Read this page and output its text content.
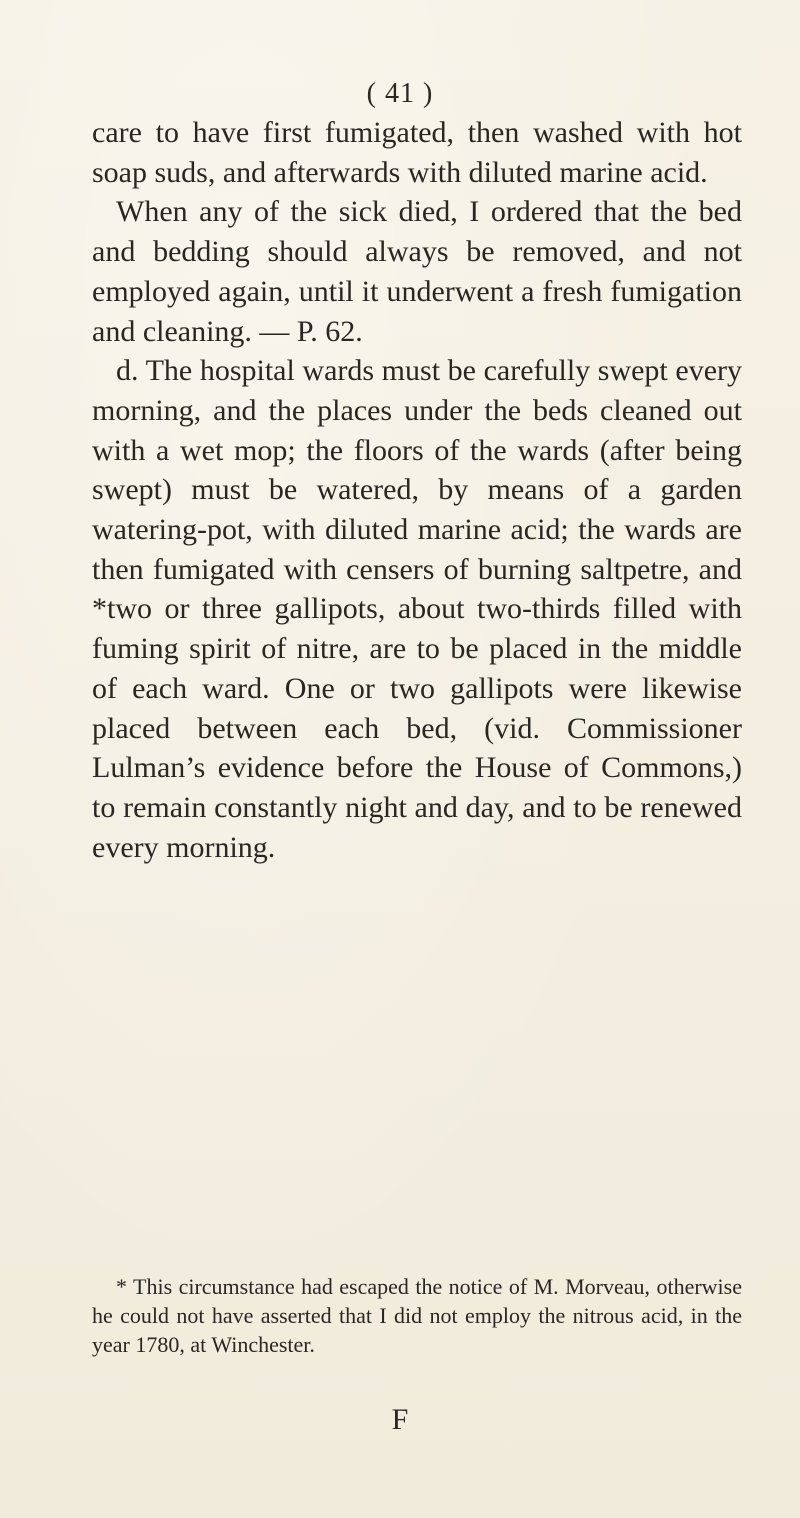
( 41 )

care to have first fumigated, then washed with hot soap suds, and afterwards with diluted marine acid.

When any of the sick died, I ordered that the bed and bedding should always be removed, and not employed again, until it underwent a fresh fumigation and cleaning. — P. 62.

d. The hospital wards must be carefully swept every morning, and the places under the beds cleaned out with a wet mop; the floors of the wards (after being swept) must be watered, by means of a garden watering-pot, with diluted marine acid; the wards are then fumigated with censers of burning saltpetre, and *two or three gallipots, about two-thirds filled with fuming spirit of nitre, are to be placed in the middle of each ward. One or two gallipots were likewise placed between each bed, (vid. Commissioner Lulman’s evidence before the House of Commons,) to remain constantly night and day, and to be renewed every morning.

* This circumstance had escaped the notice of M. Morveau, otherwise he could not have asserted that I did not employ the nitrous acid, in the year 1780, at Winchester.
F
